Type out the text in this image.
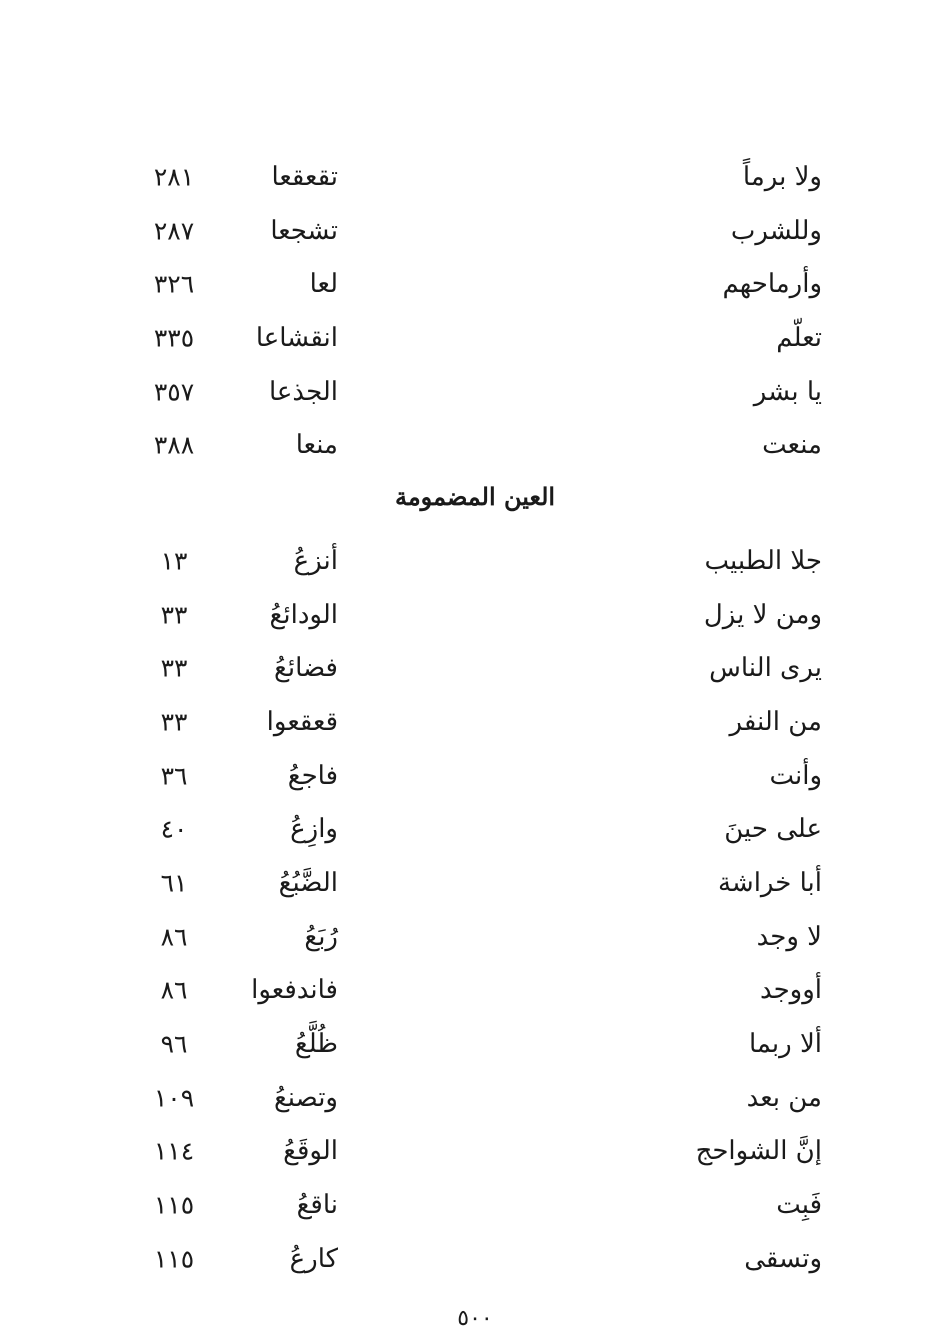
ولا برماً
تقعقعا
٢٨١
وللشرب
تشجعا
٢٨٧
وأرماحهم
لعا
٣٢٦
تعلّم
انقشاعا
٣٣٥
يا بشر
الجذعا
٣٥٧
منعت
منعا
٣٨٨
العين المضمومة
جلا الطبيب
أنزعُ
١٣
ومن لا يزل
الودائعُ
٣٣
يرى الناس
فضائعُ
٣٣
من النفر
قعقعوا
٣٣
وأنت
فاجعُ
٣٦
على حينَ
وازِعُ
٤٠
أبا خراشة
الضَّبُعُ
٦١
لا وجد
رُبَعُ
٨٦
أووجد
فاندفعوا
٨٦
ألا ربما
ظُلَّعُ
٩٦
من بعد
وتصنعُ
١٠٩
إنَّ الشواحج
الوقَعُ
١١٤
فَبِت
ناقعُ
١١٥
وتسقى
كارعُ
١١٥
٥٠٠
